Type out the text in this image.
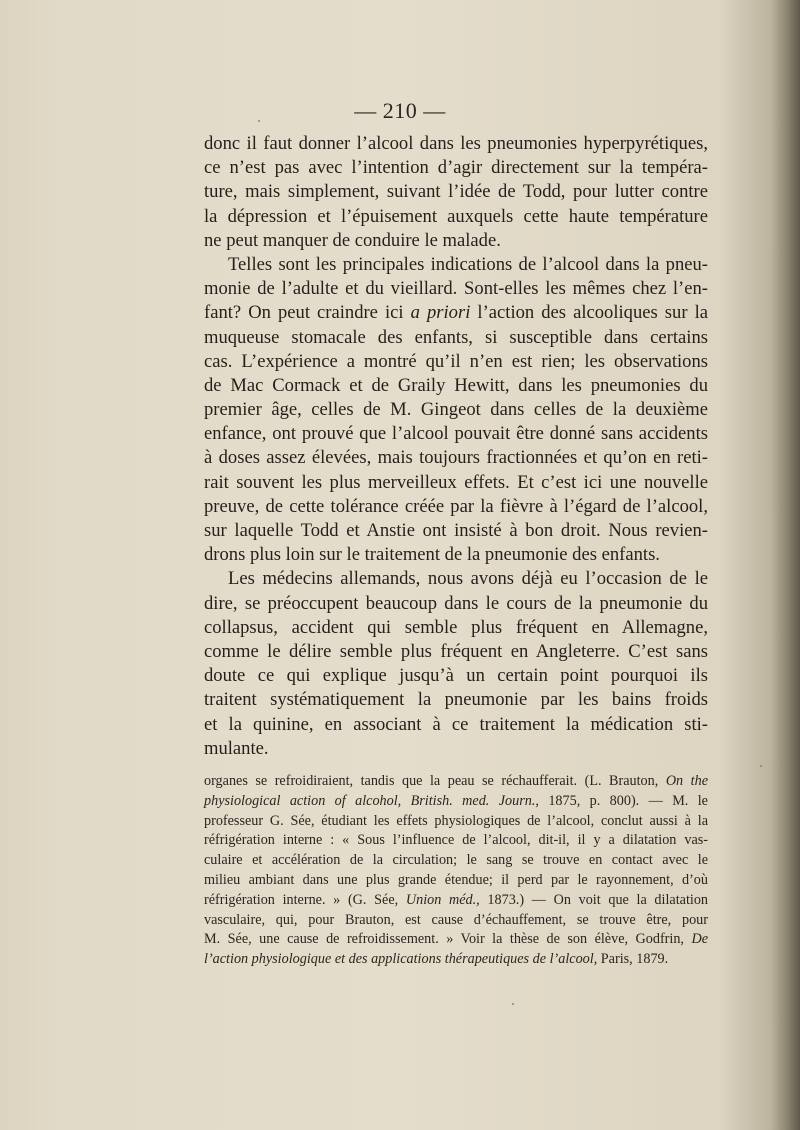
— 210 —
donc il faut donner l’alcool dans les pneumonies hyperpyrétiques,
ce n’est pas avec l’intention d’agir directement sur la tempéra-
ture, mais simplement, suivant l’idée de Todd, pour lutter contre
la dépression et l’épuisement auxquels cette haute température
ne peut manquer de conduire le malade.
Telles sont les principales indications de l’alcool dans la pneu-
monie de l’adulte et du vieillard. Sont-elles les mêmes chez l’en-
fant? On peut craindre ici a priori l’action des alcooliques sur la
muqueuse stomacale des enfants, si susceptible dans certains
cas. L’expérience a montré qu’il n’en est rien; les observations
de Mac Cormack et de Graily Hewitt, dans les pneumonies du
premier âge, celles de M. Gingeot dans celles de la deuxième
enfance, ont prouvé que l’alcool pouvait être donné sans accidents
à doses assez élevées, mais toujours fractionnées et qu’on en reti-
rait souvent les plus merveilleux effets. Et c’est ici une nouvelle
preuve, de cette tolérance créée par la fièvre à l’égard de l’alcool,
sur laquelle Todd et Anstie ont insisté à bon droit. Nous revien-
drons plus loin sur le traitement de la pneumonie des enfants.
Les médecins allemands, nous avons déjà eu l’occasion de le
dire, se préoccupent beaucoup dans le cours de la pneumonie du
collapsus, accident qui semble plus fréquent en Allemagne,
comme le délire semble plus fréquent en Angleterre. C’est sans
doute ce qui explique jusqu’à un certain point pourquoi ils
traitent systématiquement la pneumonie par les bains froids
et la quinine, en associant à ce traitement la médication sti-
mulante.
organes se refroidiraient, tandis que la peau se réchaufferait. (L. Brauton, On the
physiological action of alcohol, British. med. Journ., 1875, p. 800). — M. le
professeur G. Sée, étudiant les effets physiologiques de l’alcool, conclut aussi à la
réfrigération interne : « Sous l’influence de l’alcool, dit-il, il y a dilatation vas-
culaire et accélération de la circulation; le sang se trouve en contact avec le
milieu ambiant dans une plus grande étendue; il perd par le rayonnement, d’où
réfrigération interne. » (G. Sée, Union méd., 1873.) — On voit que la dilatation
vasculaire, qui, pour Brauton, est cause d’échauffement, se trouve être, pour
M. Sée, une cause de refroidissement. » Voir la thèse de son élève, Godfrin, De
l’action physiologique et des applications thérapeutiques de l’alcool, Paris, 1879.
